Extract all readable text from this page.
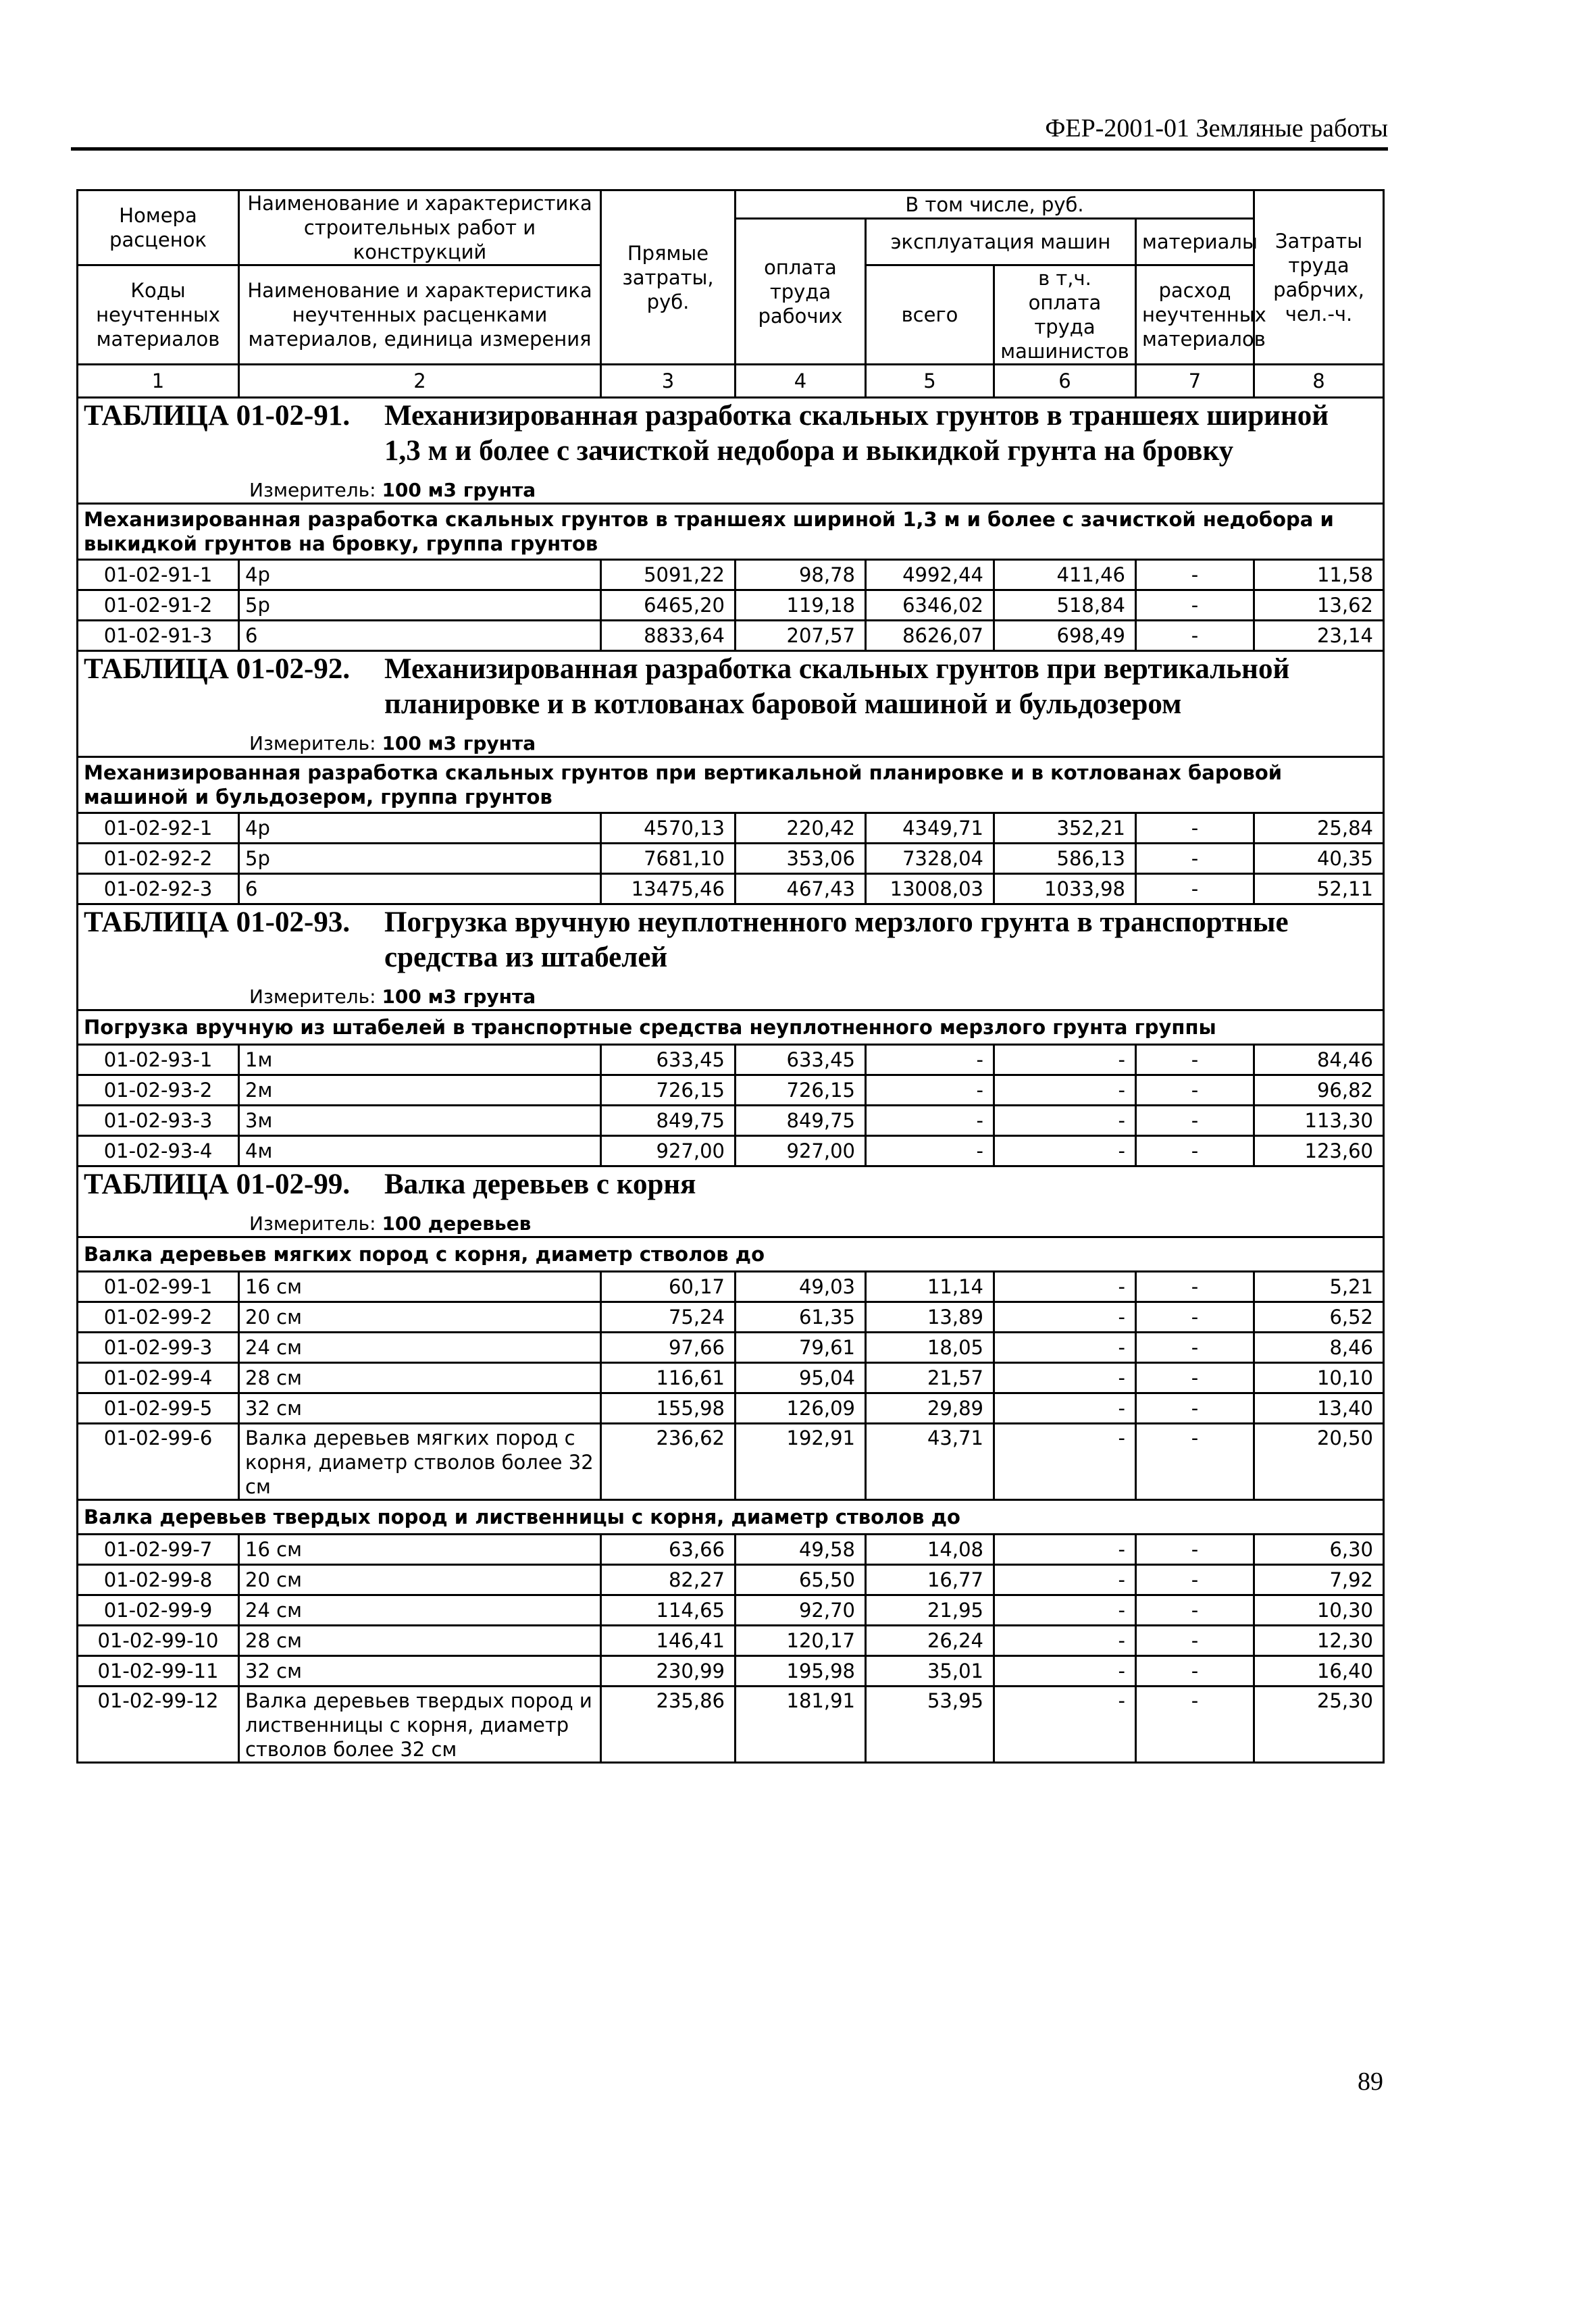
ФЕР-2001-01 Земляные работы
Номера расценок	Наименование и характеристика строительных работ и конструкций	Прямые затраты, руб.	В том числе, руб.				Затраты труда рабрчих, чел.-ч.
			оплата труда рабочих	эксплуатация машин		материалы	
Коды неучтенных материалов	Наименование и характеристика неучтенных расценками материалов, единица измерения			всего	в т,ч. оплата труда машинистов	расход неучтенных материалов	

1	2	3	4	5	6	7	8

ТАБЛИЦА 01-02-91. Механизированная разработка скальных грунтов в траншеях шириной 1,3 м и более с зачисткой недобора и выкидкой грунта на бровку
Измеритель: 100 м3 грунта							

Механизированная разработка скальных грунтов в траншеях шириной 1,3 м и более с зачисткой недобора и выкидкой грунтов на бровку, группа грунтов							
01-02-91-1	4р	5091,22	98,78	4992,44	411,46	-	11,58
01-02-91-2	5р	6465,20	119,18	6346,02	518,84	-	13,62
01-02-91-3	6	8833,64	207,57	8626,07	698,49	-	23,14

ТАБЛИЦА 01-02-92. Механизированная разработка скальных грунтов при вертикальной планировке и в котлованах баровой машиной и бульдозером
Измеритель: 100 м3 грунта							

Механизированная разработка скальных грунтов при вертикальной планировке и в котлованах баровой машиной и бульдозером, группа грунтов							
01-02-92-1	4р	4570,13	220,42	4349,71	352,21	-	25,84
01-02-92-2	5р	7681,10	353,06	7328,04	586,13	-	40,35
01-02-92-3	6	13475,46	467,43	13008,03	1033,98	-	52,11

ТАБЛИЦА 01-02-93. Погрузка вручную неуплотненного мерзлого грунта в транспортные средства из штабелей
Измеритель: 100 м3 грунта							

Погрузка вручную из штабелей в транспортные средства неуплотненного мерзлого грунта группы							
01-02-93-1	1м	633,45	633,45	-	-	-	84,46
01-02-93-2	2м	726,15	726,15	-	-	-	96,82
01-02-93-3	3м	849,75	849,75	-	-	-	113,30
01-02-93-4	4м	927,00	927,00	-	-	-	123,60

ТАБЛИЦА 01-02-99. Валка деревьев с корня
Измеритель: 100 деревьев							

Валка деревьев мягких пород с корня, диаметр стволов до							
01-02-99-1	16 см	60,17	49,03	11,14	-	-	5,21
01-02-99-2	20 см	75,24	61,35	13,89	-	-	6,52
01-02-99-3	24 см	97,66	79,61	18,05	-	-	8,46
01-02-99-4	28 см	116,61	95,04	21,57	-	-	10,10
01-02-99-5	32 см	155,98	126,09	29,89	-	-	13,40
01-02-99-6	Валка деревьев мягких пород с корня, диаметр стволов более 32 см	236,62	192,91	43,71	-	-	20,50
Валка деревьев твердых пород и лиственницы с корня, диаметр стволов до							
01-02-99-7	16 см	63,66	49,58	14,08	-	-	6,30
01-02-99-8	20 см	82,27	65,50	16,77	-	-	7,92
01-02-99-9	24 см	114,65	92,70	21,95	-	-	10,30
01-02-99-10	28 см	146,41	120,17	26,24	-	-	12,30
01-02-99-11	32 см	230,99	195,98	35,01	-	-	16,40
01-02-99-12	Валка деревьев твердых пород и лиственницы с корня, диаметр стволов более 32 см	235,86	181,91	53,95	-	-	25,30
89
